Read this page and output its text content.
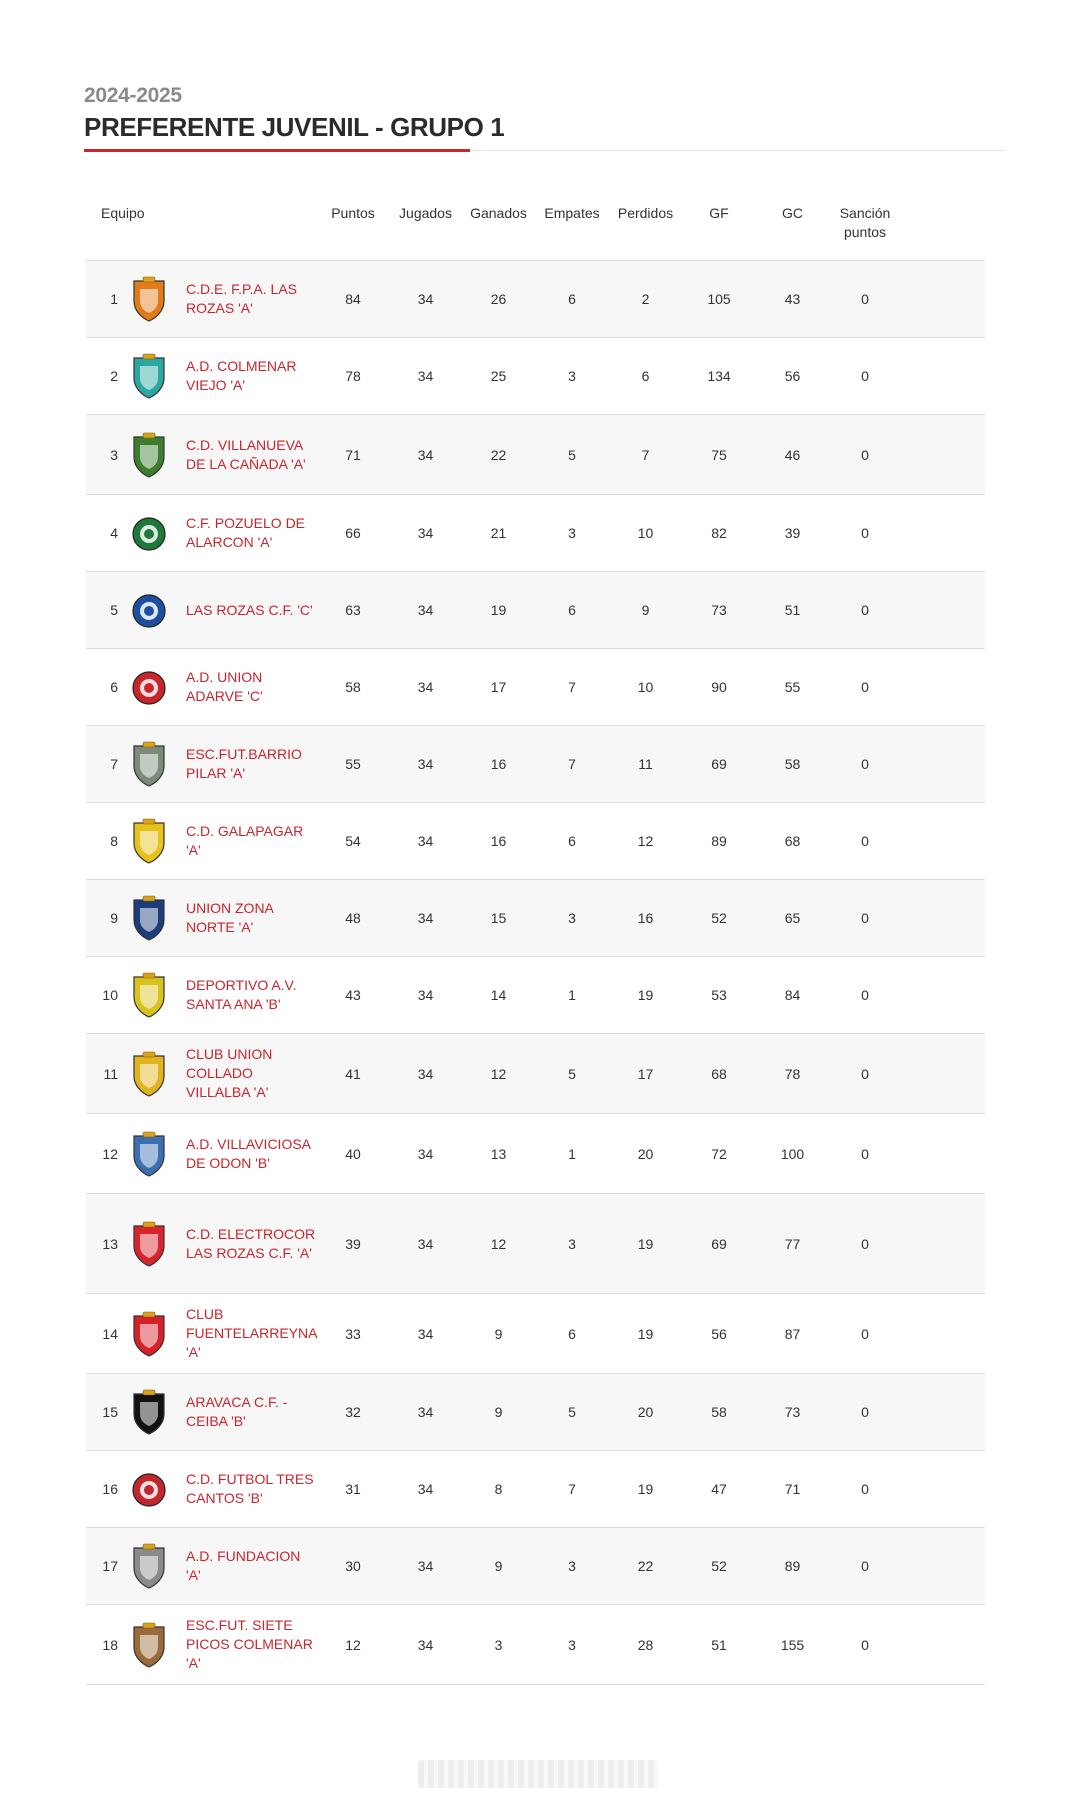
2024-2025
PREFERENTE JUVENIL - GRUPO 1
Equipo		Puntos	Jugados	Ganados	Empates	Perdidos	GF	GC	Sanción
puntos	
1	C.D.E. F.P.A. LAS ROZAS 'A'	84	34	26	6	2	105	43	0	
2	A.D. COLMENAR VIEJO 'A'	78	34	25	3	6	134	56	0	
3	C.D. VILLANUEVA DE LA CAÑADA 'A'	71	34	22	5	7	75	46	0	
4	C.F. POZUELO DE ALARCON 'A'	66	34	21	3	10	82	39	0	
5	LAS ROZAS C.F. 'C'	63	34	19	6	9	73	51	0	
6	A.D. UNION ADARVE 'C'	58	34	17	7	10	90	55	0	
7	ESC.FUT.BARRIO PILAR 'A'	55	34	16	7	11	69	58	0	
8	C.D. GALAPAGAR 'A'	54	34	16	6	12	89	68	0	
9	UNION ZONA NORTE 'A'	48	34	15	3	16	52	65	0	
10	DEPORTIVO A.V. SANTA ANA 'B'	43	34	14	1	19	53	84	0	
11	CLUB UNION COLLADO VILLALBA 'A'	41	34	12	5	17	68	78	0	
12	A.D. VILLAVICIOSA DE ODON 'B'	40	34	13	1	20	72	100	0	
13	C.D. ELECTROCOR LAS ROZAS C.F. 'A'	39	34	12	3	19	69	77	0	
14	CLUB FUENTELARREYNA 'A'	33	34	9	6	19	56	87	0	
15	ARAVACA C.F. - CEIBA 'B'	32	34	9	5	20	58	73	0	
16	C.D. FUTBOL TRES CANTOS 'B'	31	34	8	7	19	47	71	0	
17	A.D. FUNDACION 'A'	30	34	9	3	22	52	89	0	
18	ESC.FUT. SIETE PICOS COLMENAR 'A'	12	34	3	3	28	51	155	0	
